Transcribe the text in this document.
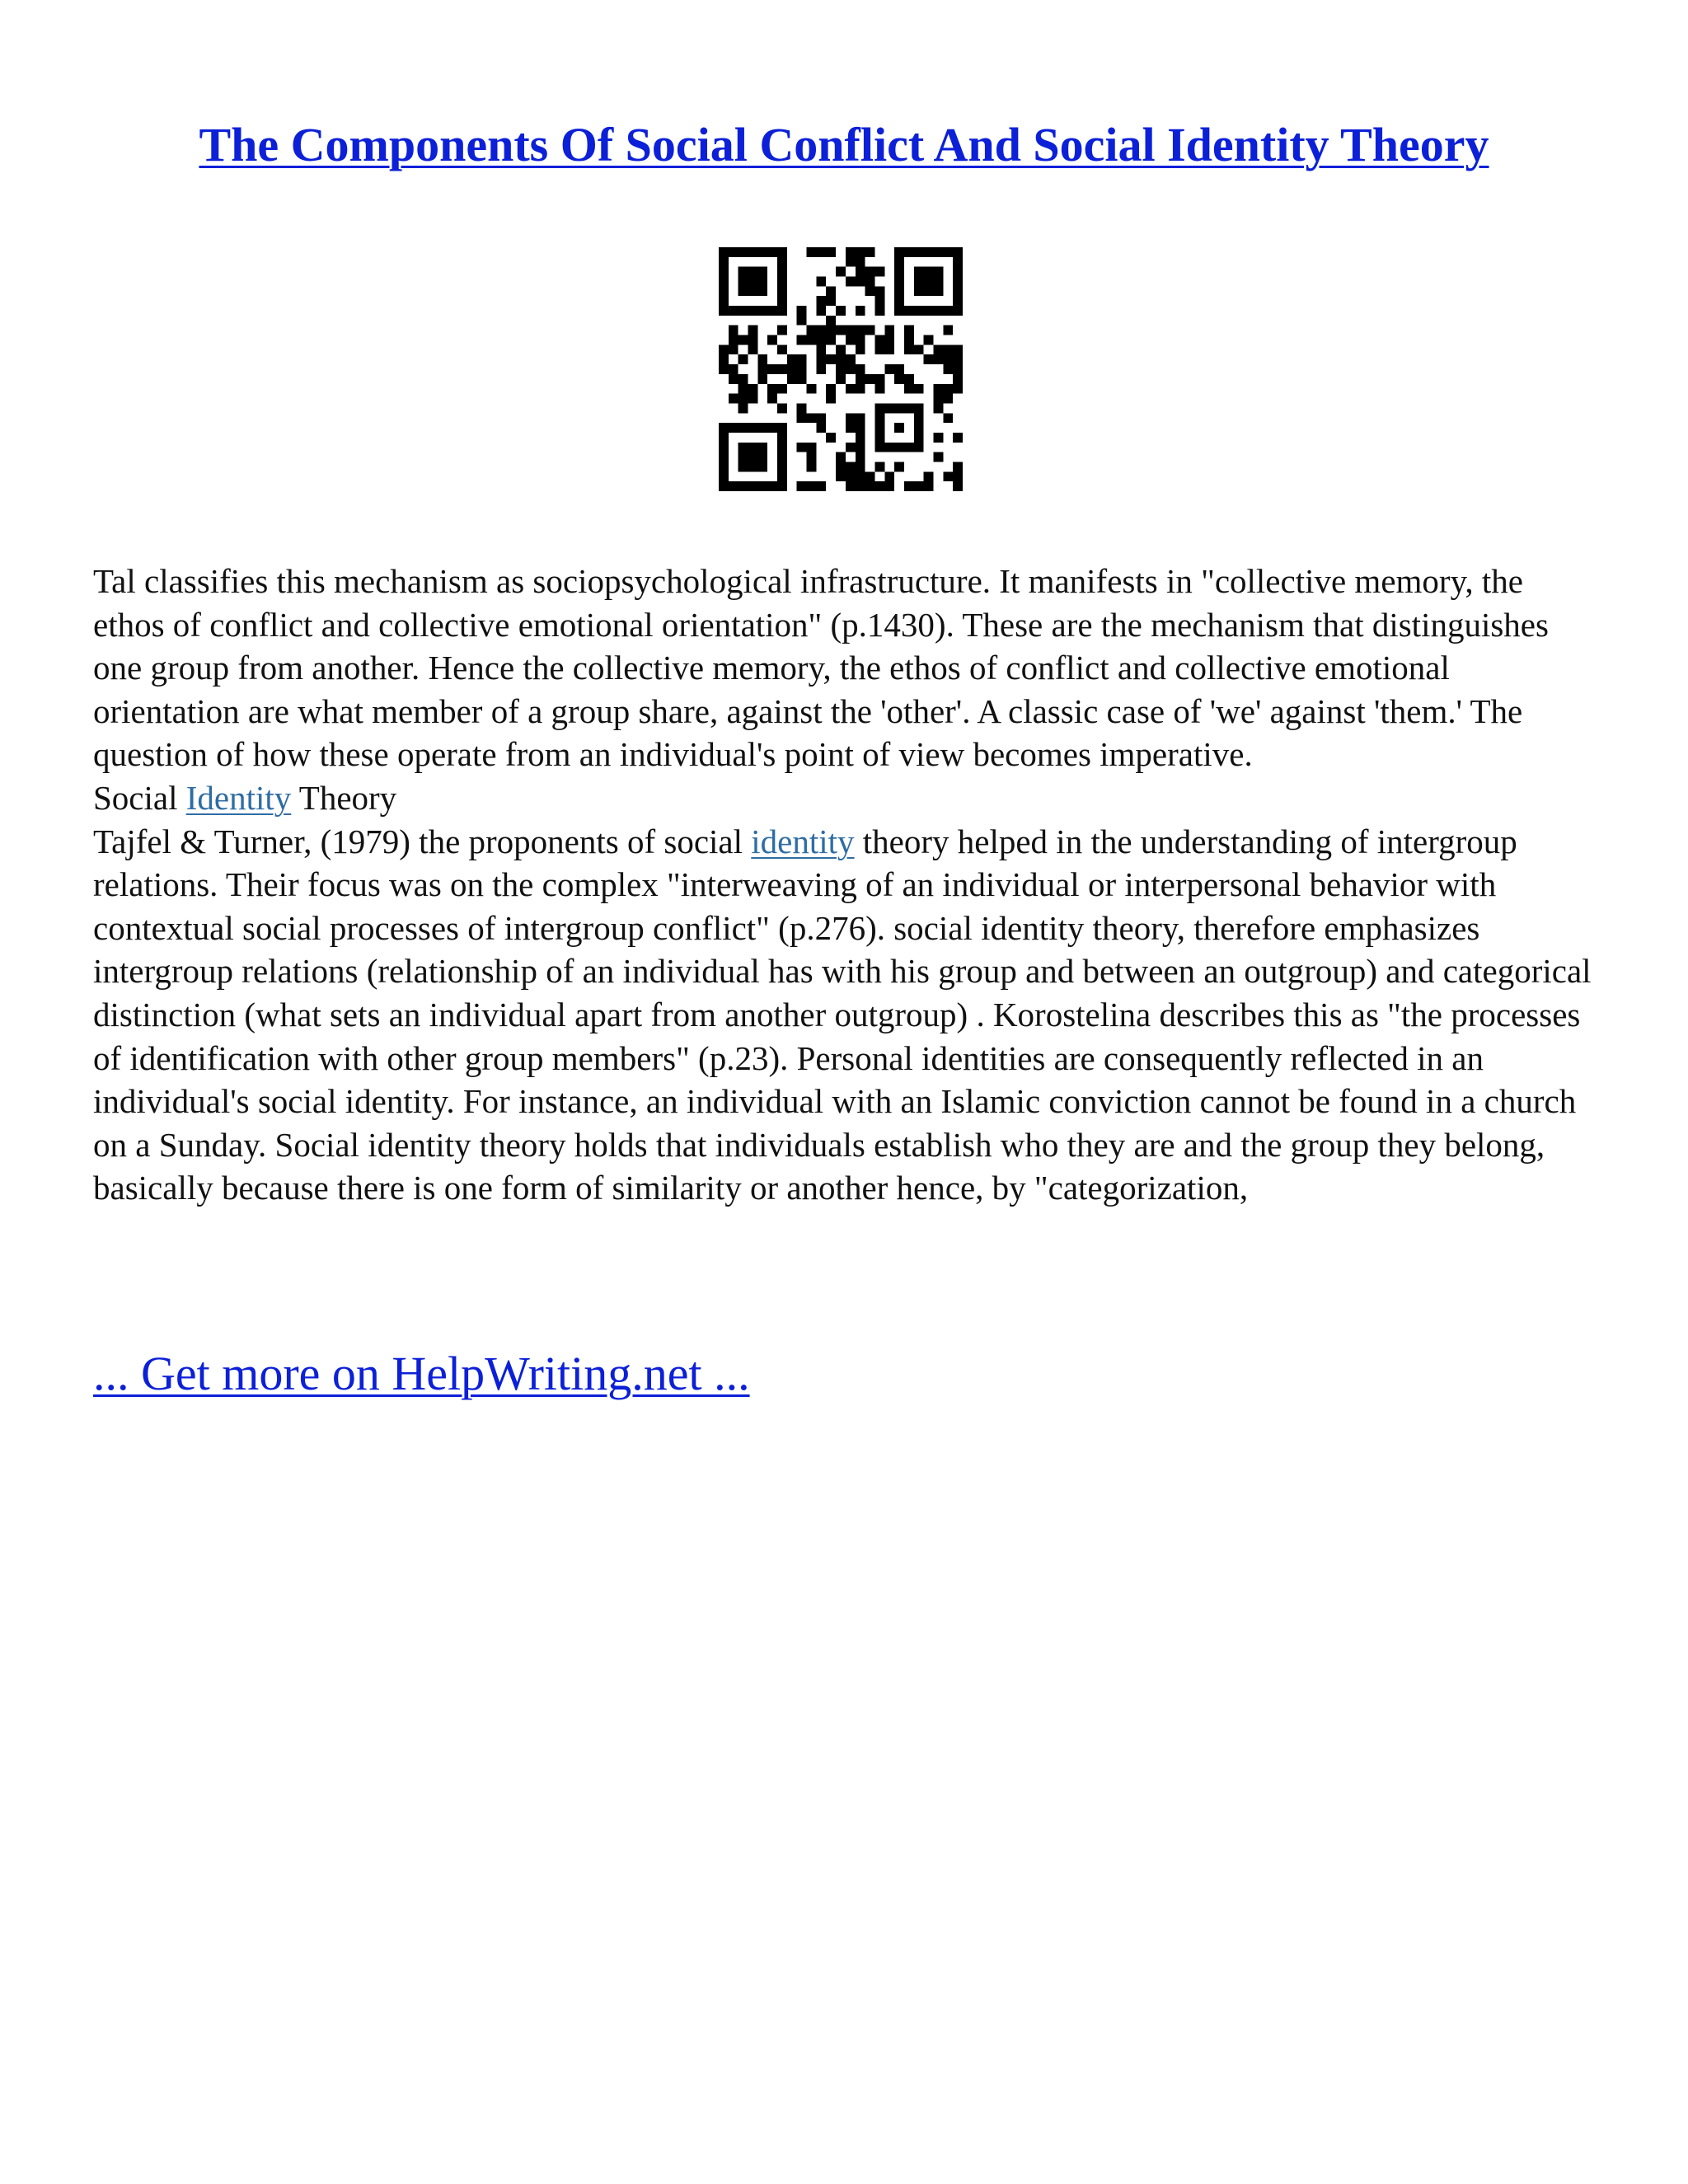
The Components Of Social Conflict And Social Identity Theory

Tal classifies this mechanism as sociopsychological infrastructure. It manifests in "collective memory, the ethos of conflict and collective emotional orientation" (p.1430). These are the mechanism that distinguishes one group from another. Hence the collective memory, the ethos of conflict and collective emotional orientation are what member of a group share, against the 'other'. A classic case of 'we' against 'them.' The question of how these operate from an individual's point of view becomes imperative.

Social Identity Theory

Tajfel & Turner, (1979) the proponents of social identity theory helped in the understanding of intergroup relations. Their focus was on the complex "interweaving of an individual or interpersonal behavior with contextual social processes of intergroup conflict" (p.276). social identity theory, therefore emphasizes intergroup relations (relationship of an individual has with his group and between an outgroup) and categorical distinction (what sets an individual apart from another outgroup) . Korostelina describes this as "the processes of identification with other group members" (p.23). Personal identities are consequently reflected in an individual's social identity. For instance, an individual with an Islamic conviction cannot be found in a church on a Sunday. Social identity theory holds that individuals establish who they are and the group they belong, basically because there is one form of similarity or another hence, by "categorization,

... Get more on HelpWriting.net ...
